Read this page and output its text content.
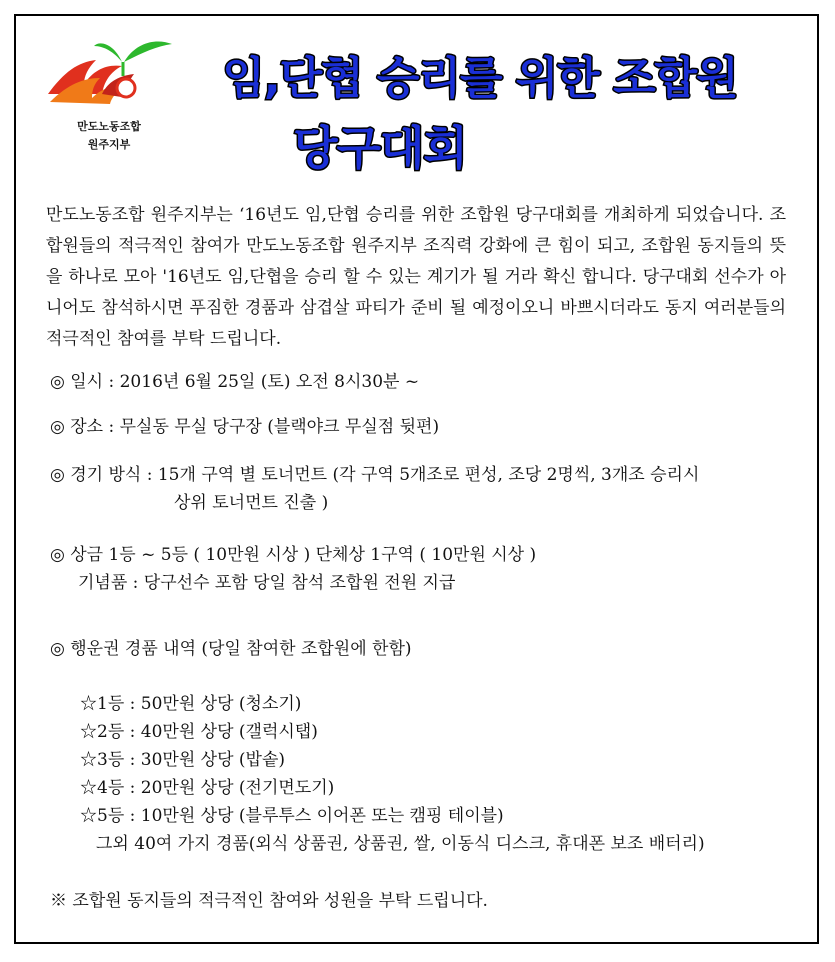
만도노동조합
원주지부
임,단협 승리를 위한 조합원
당구대회

만도노동조합 원주지부는 ‘16년도 임,단협 승리를 위한 조합원 당구대회를 개최하게 되었습니다. 조합원들의 적극적인 참여가 만도노동조합 원주지부 조직력 강화에 큰 힘이 되고, 조합원 동지들의 뜻을 하나로 모아 '16년도 임,단협을 승리 할 수 있는 계기가 될 거라 확신 합니다. 당구대회 선수가 아니어도 참석하시면 푸짐한 경품과 삼겹살 파티가 준비 될 예정이오니 바쁘시더라도 동지 여러분들의 적극적인 참여를 부탁 드립니다.

◎ 일시 : 2016년 6월 25일 (토) 오전 8시30분 ~

◎ 장소 : 무실동 무실 당구장 (블랙야크 무실점 뒷편)

◎ 경기 방식 : 15개 구역 별 토너먼트 (각 구역 5개조로 편성, 조당 2명씩, 3개조 승리시

상위 토너먼트 진출 )

◎ 상금 1등 ~ 5등 ( 10만원 시상 ) 단체상 1구역 ( 10만원 시상 )

기념품 : 당구선수 포함 당일 참석 조합원 전원 지급

◎ 행운권 경품 내역 (당일 참여한 조합원에 한함)

☆1등 : 50만원 상당 (청소기)

☆2등 : 40만원 상당 (갤럭시탭)

☆3등 : 30만원 상당 (밥솥)

☆4등 : 20만원 상당 (전기면도기)

☆5등 : 10만원 상당 (블루투스 이어폰 또는 캠핑 테이블)

그외 40여 가지 경품(외식 상품권, 상품권, 쌀, 이동식 디스크, 휴대폰 보조 배터리)

※ 조합원 동지들의 적극적인 참여와 성원을 부탁 드립니다.
